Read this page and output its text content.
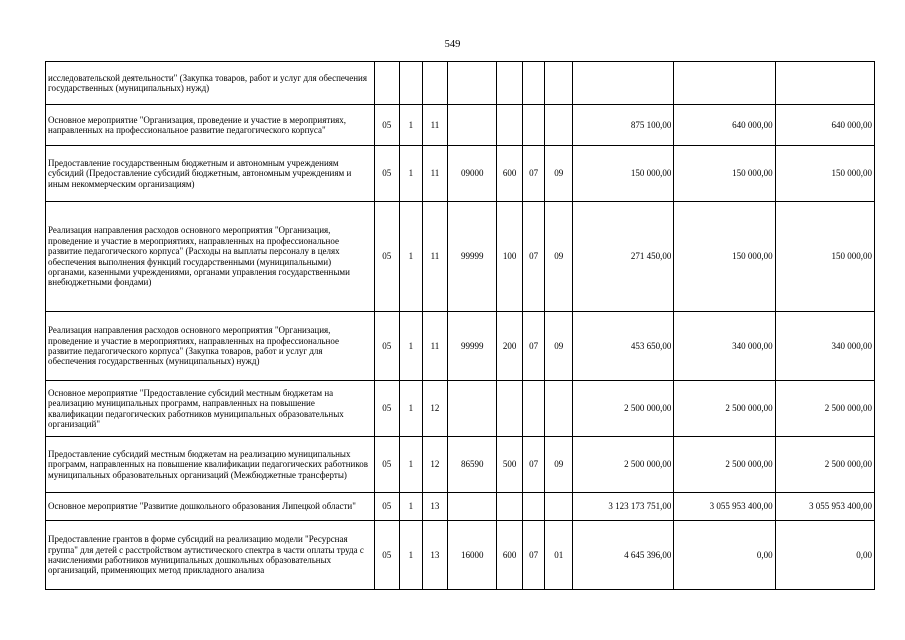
549
исследовательской деятельности" (Закупка товаров, работ и услуг для обеспечения государственных (муниципальных) нужд)										
Основное мероприятие "Организация, проведение и участие в мероприятиях, направленных на профессиональное развитие педагогического корпуса"	05	1	11					875 100,00	640 000,00	640 000,00
Предоставление государственным бюджетным и автономным учреждениям субсидий (Предоставление субсидий бюджетным, автономным учреждениям и иным некоммерческим организациям)	05	1	11	09000	600	07	09	150 000,00	150 000,00	150 000,00
Реализация направления расходов основного мероприятия "Организация, проведение и участие в мероприятиях, направленных на профессиональное развитие педагогического корпуса" (Расходы на выплаты персоналу в целях обеспечения выполнения функций государственными (муниципальными) органами, казенными учреждениями, органами управления государственными внебюджетными фондами)	05	1	11	99999	100	07	09	271 450,00	150 000,00	150 000,00
Реализация направления расходов основного мероприятия "Организация, проведение и участие в мероприятиях, направленных на профессиональное развитие педагогического корпуса" (Закупка товаров, работ и услуг для обеспечения государственных (муниципальных) нужд)	05	1	11	99999	200	07	09	453 650,00	340 000,00	340 000,00
Основное мероприятие "Предоставление субсидий местным бюджетам на реализацию муниципальных программ, направленных на повышение квалификации педагогических работников муниципальных образовательных организаций"	05	1	12					2 500 000,00	2 500 000,00	2 500 000,00
Предоставление субсидий местным бюджетам на реализацию муниципальных программ, направленных на повышение квалификации педагогических работников муниципальных образовательных организаций (Межбюджетные трансферты)	05	1	12	86590	500	07	09	2 500 000,00	2 500 000,00	2 500 000,00
Основное мероприятие "Развитие дошкольного образования Липецкой области"	05	1	13					3 123 173 751,00	3 055 953 400,00	3 055 953 400,00
Предоставление грантов в форме субсидий на реализацию модели "Ресурсная группа" для детей с расстройством аутистического спектра в части оплаты труда с начислениями работников муниципальных дошкольных образовательных организаций, применяющих метод прикладного анализа	05	1	13	16000	600	07	01	4 645 396,00	0,00	0,00
